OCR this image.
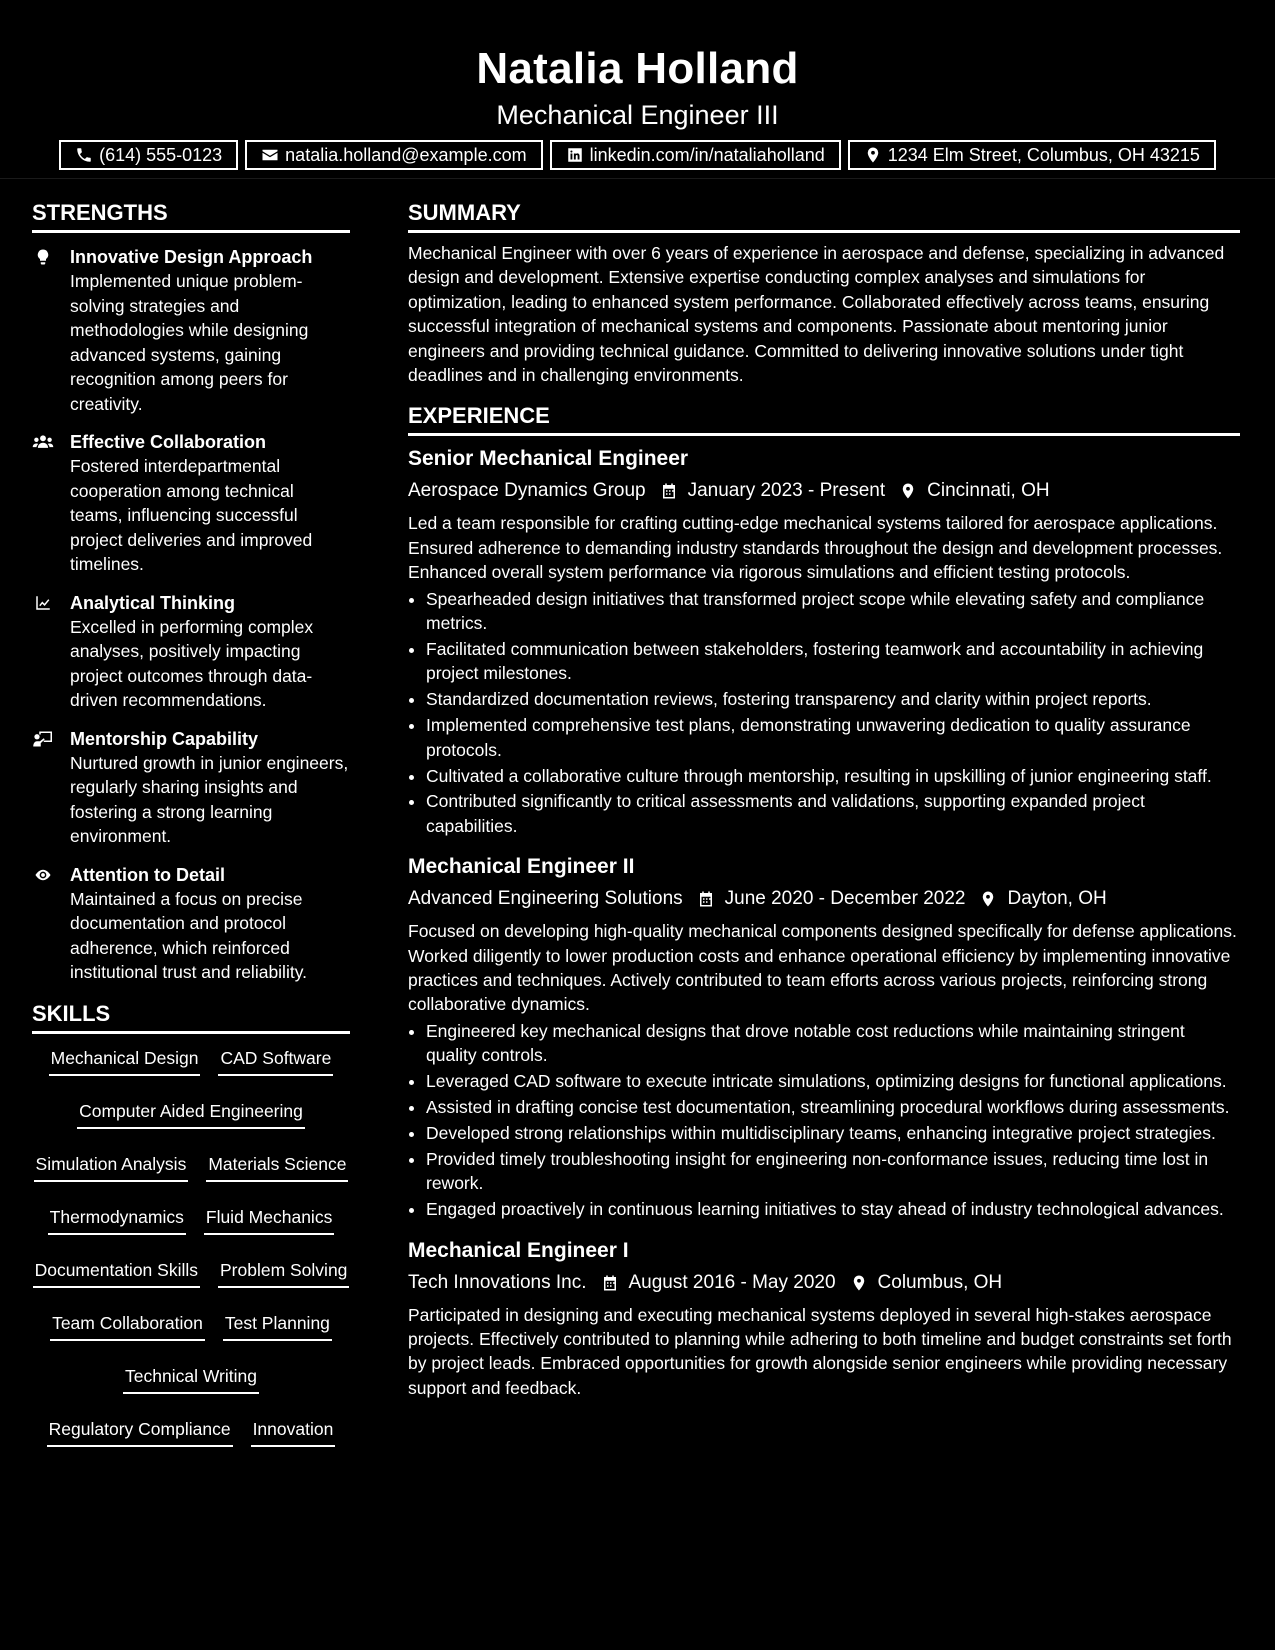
Natalia Holland
Mechanical Engineer III
(614) 555-0123	natalia.holland@example.com	linkedin.com/in/nataliaholland	1234 Elm Street, Columbus, OH 43215
STRENGTHS
Innovative Design Approach
Implemented unique problem-solving strategies and methodologies while designing advanced systems, gaining recognition among peers for creativity.
Effective Collaboration
Fostered interdepartmental cooperation among technical teams, influencing successful project deliveries and improved timelines.
Analytical Thinking
Excelled in performing complex analyses, positively impacting project outcomes through data-driven recommendations.
Mentorship Capability
Nurtured growth in junior engineers, regularly sharing insights and fostering a strong learning environment.
Attention to Detail
Maintained a focus on precise documentation and protocol adherence, which reinforced institutional trust and reliability.
SKILLS
Mechanical Design CAD Software
Computer Aided Engineering
Simulation Analysis Materials Science
Thermodynamics Fluid Mechanics
Documentation Skills Problem Solving
Team Collaboration Test Planning
Technical Writing
Regulatory Compliance Innovation
SUMMARY
Mechanical Engineer with over 6 years of experience in aerospace and defense, specializing in advanced design and development. Extensive expertise conducting complex analyses and simulations for optimization, leading to enhanced system performance. Collaborated effectively across teams, ensuring successful integration of mechanical systems and components. Passionate about mentoring junior engineers and providing technical guidance. Committed to delivering innovative solutions under tight deadlines and in challenging environments.
EXPERIENCE
Senior Mechanical Engineer
Aerospace Dynamics Group January 2023 - Present Cincinnati, OH
Led a team responsible for crafting cutting-edge mechanical systems tailored for aerospace applications. Ensured adherence to demanding industry standards throughout the design and development processes. Enhanced overall system performance via rigorous simulations and efficient testing protocols.
• Spearheaded design initiatives that transformed project scope while elevating safety and compliance metrics.
• Facilitated communication between stakeholders, fostering teamwork and accountability in achieving project milestones.
• Standardized documentation reviews, fostering transparency and clarity within project reports.
• Implemented comprehensive test plans, demonstrating unwavering dedication to quality assurance protocols.
• Cultivated a collaborative culture through mentorship, resulting in upskilling of junior engineering staff.
• Contributed significantly to critical assessments and validations, supporting expanded project capabilities.
Mechanical Engineer II
Advanced Engineering Solutions June 2020 - December 2022 Dayton, OH
Focused on developing high-quality mechanical components designed specifically for defense applications. Worked diligently to lower production costs and enhance operational efficiency by implementing innovative practices and techniques. Actively contributed to team efforts across various projects, reinforcing strong collaborative dynamics.
• Engineered key mechanical designs that drove notable cost reductions while maintaining stringent quality controls.
• Leveraged CAD software to execute intricate simulations, optimizing designs for functional applications.
• Assisted in drafting concise test documentation, streamlining procedural workflows during assessments.
• Developed strong relationships within multidisciplinary teams, enhancing integrative project strategies.
• Provided timely troubleshooting insight for engineering non-conformance issues, reducing time lost in rework.
• Engaged proactively in continuous learning initiatives to stay ahead of industry technological advances.
Mechanical Engineer I
Tech Innovations Inc. August 2016 - May 2020 Columbus, OH
Participated in designing and executing mechanical systems deployed in several high-stakes aerospace projects. Effectively contributed to planning while adhering to both timeline and budget constraints set forth by project leads. Embraced opportunities for growth alongside senior engineers while providing necessary support and feedback.
